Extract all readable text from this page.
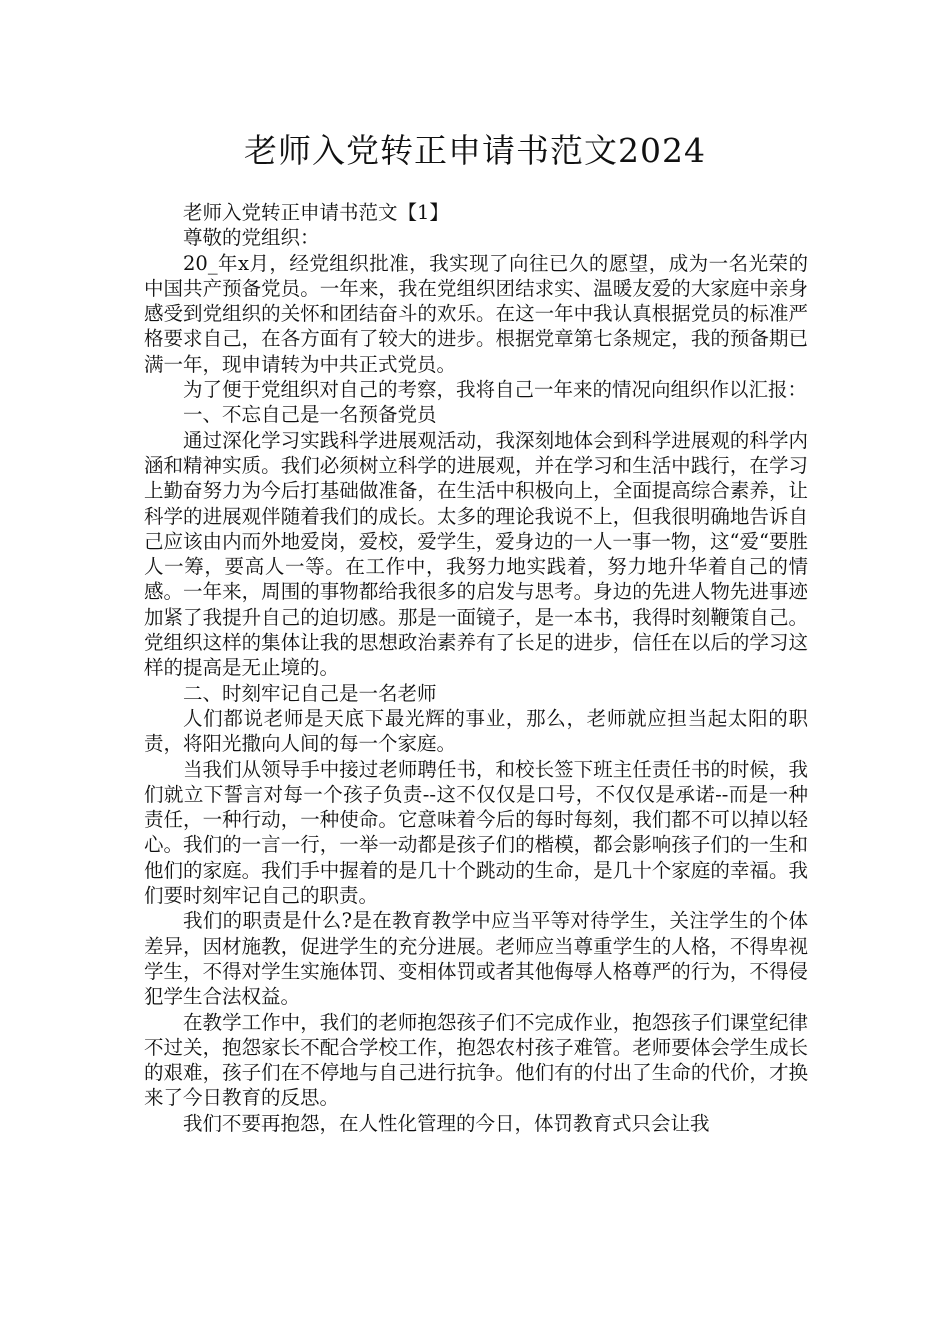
老师入党转正申请书范文2024

老师入党转正申请书范文【1】

尊敬的党组织：

20_年x月，经党组织批准，我实现了向往已久的愿望，成为一名光荣的中国共产预备党员。一年来，我在党组织团结求实、温暖友爱的大家庭中亲身感受到党组织的关怀和团结奋斗的欢乐。在这一年中我认真根据党员的标准严格要求自己，在各方面有了较大的进步。根据党章第七条规定，我的预备期已满一年，现申请转为中共正式党员。

为了便于党组织对自己的考察，我将自己一年来的情况向组织作以汇报：

一、不忘自己是一名预备党员

通过深化学习实践科学进展观活动，我深刻地体会到科学进展观的科学内涵和精神实质。我们必须树立科学的进展观，并在学习和生活中践行，在学习上勤奋努力为今后打基础做准备，在生活中积极向上，全面提高综合素养，让科学的进展观伴随着我们的成长。太多的理论我说不上，但我很明确地告诉自己应该由内而外地爱岗，爱校，爱学生，爱身边的一人一事一物，这“爱“要胜人一筹，要高人一等。在工作中，我努力地实践着，努力地升华着自己的情感。一年来，周围的事物都给我很多的启发与思考。身边的先进人物先进事迹加紧了我提升自己的迫切感。那是一面镜子，是一本书，我得时刻鞭策自己。党组织这样的集体让我的思想政治素养有了长足的进步，信任在以后的学习这样的提高是无止境的。

二、时刻牢记自己是一名老师

人们都说老师是天底下最光辉的事业，那么，老师就应担当起太阳的职责，将阳光撒向人间的每一个家庭。

当我们从领导手中接过老师聘任书，和校长签下班主任责任书的时候，我们就立下誓言对每一个孩子负责--这不仅仅是口号，不仅仅是承诺--而是一种责任，一种行动，一种使命。它意味着今后的每时每刻，我们都不可以掉以轻心。我们的一言一行，一举一动都是孩子们的楷模，都会影响孩子们的一生和他们的家庭。我们手中握着的是几十个跳动的生命，是几十个家庭的幸福。我们要时刻牢记自己的职责。

我们的职责是什么?是在教育教学中应当平等对待学生，关注学生的个体差异，因材施教，促进学生的充分进展。老师应当尊重学生的人格，不得卑视学生，不得对学生实施体罚、变相体罚或者其他侮辱人格尊严的行为，不得侵犯学生合法权益。

在教学工作中，我们的老师抱怨孩子们不完成作业，抱怨孩子们课堂纪律不过关，抱怨家长不配合学校工作，抱怨农村孩子难管。老师要体会学生成长的艰难，孩子们在不停地与自己进行抗争。他们有的付出了生命的代价，才换来了今日教育的反思。

我们不要再抱怨，在人性化管理的今日，体罚教育式只会让我
